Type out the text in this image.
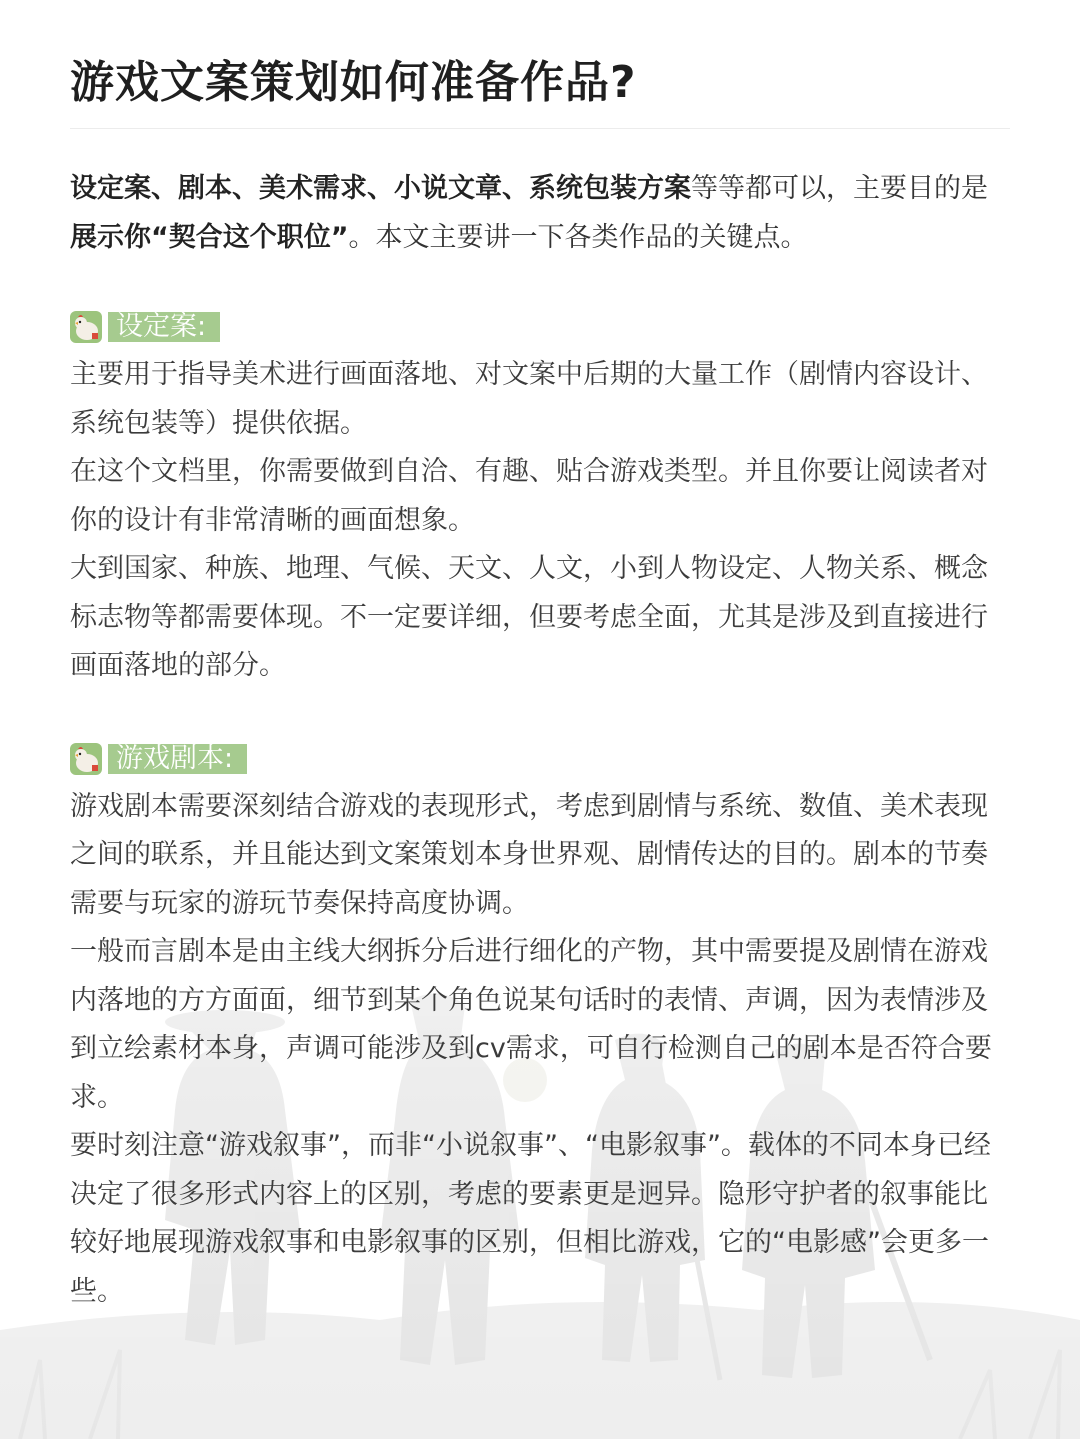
游戏文案策划如何准备作品?

设定案、剧本、美术需求、小说文章、系统包装方案等等都可以，主要目的是展示你“契合这个职位”。本文主要讲一下各类作品的关键点。

设定案:

主要用于指导美术进行画面落地、对文案中后期的大量工作（剧情内容设计、系统包装等）提供依据。

在这个文档里，你需要做到自洽、有趣、贴合游戏类型。并且你要让阅读者对你的设计有非常清晰的画面想象。

大到国家、种族、地理、气候、天文、人文，小到人物设定、人物关系、概念标志物等都需要体现。不一定要详细，但要考虑全面，尤其是涉及到直接进行画面落地的部分。

游戏剧本:

游戏剧本需要深刻结合游戏的表现形式，考虑到剧情与系统、数值、美术表现之间的联系，并且能达到文案策划本身世界观、剧情传达的目的。剧本的节奏需要与玩家的游玩节奏保持高度协调。

一般而言剧本是由主线大纲拆分后进行细化的产物，其中需要提及剧情在游戏内落地的方方面面，细节到某个角色说某句话时的表情、声调，因为表情涉及到立绘素材本身，声调可能涉及到cv需求，可自行检测自己的剧本是否符合要求。

要时刻注意“游戏叙事”，而非“小说叙事”、“电影叙事”。载体的不同本身已经决定了很多形式内容上的区别，考虑的要素更是迥异。隐形守护者的叙事能比较好地展现游戏叙事和电影叙事的区别，但相比游戏，它的“电影感”会更多一些。
